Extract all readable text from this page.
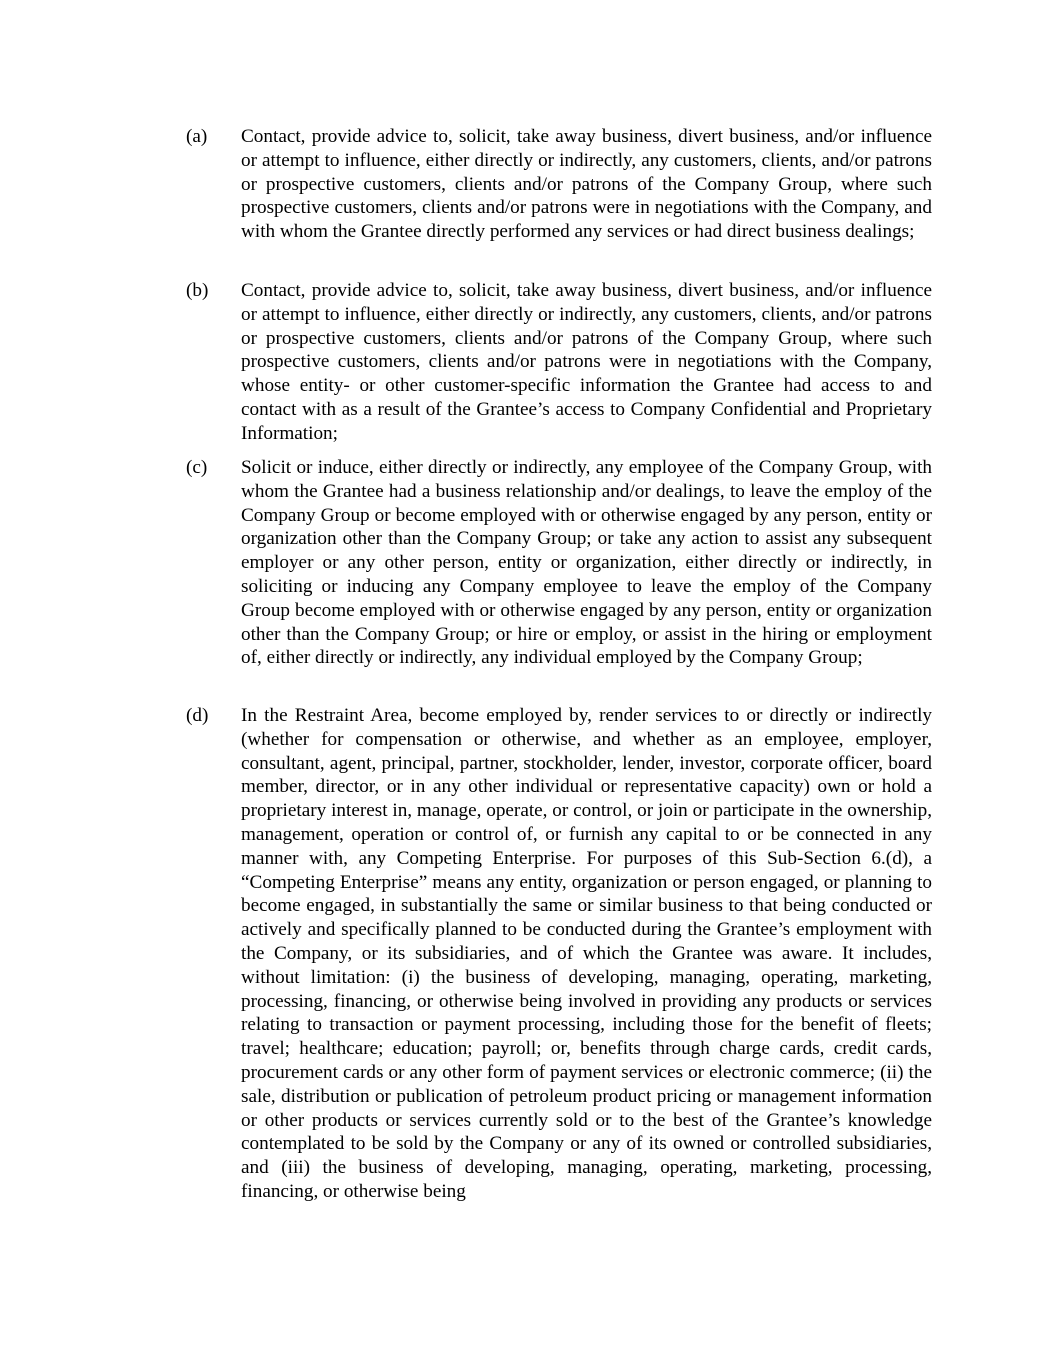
(a)	Contact, provide advice to, solicit, take away business, divert business, and/or influence or attempt to influence, either directly or indirectly, any customers, clients, and/or patrons or prospective customers, clients and/or patrons of the Company Group, where such prospective customers, clients and/or patrons were in negotiations with the Company, and with whom the Grantee directly performed any services or had direct business dealings;
(b)	Contact, provide advice to, solicit, take away business, divert business, and/or influence or attempt to influence, either directly or indirectly, any customers, clients, and/or patrons or prospective customers, clients and/or patrons of the Company Group, where such prospective customers, clients and/or patrons were in negotiations with the Company, whose entity- or other customer-specific information the Grantee had access to and contact with as a result of the Grantee’s access to Company Confidential and Proprietary Information;
(c)	Solicit or induce, either directly or indirectly, any employee of the Company Group, with whom the Grantee had a business relationship and/or dealings, to leave the employ of the Company Group or become employed with or otherwise engaged by any person, entity or organization other than the Company Group; or take any action to assist any subsequent employer or any other person, entity or organization, either directly or indirectly, in soliciting or inducing any Company employee to leave the employ of the Company Group become employed with or otherwise engaged by any person, entity or organization other than the Company Group; or hire or employ, or assist in the hiring or employment of, either directly or indirectly, any individual employed by the Company Group;
(d)	In the Restraint Area, become employed by, render services to or directly or indirectly (whether for compensation or otherwise, and whether as an employee, employer, consultant, agent, principal, partner, stockholder, lender, investor, corporate officer, board member, director, or in any other individual or representative capacity) own or hold a proprietary interest in, manage, operate, or control, or join or participate in the ownership, management, operation or control of, or furnish any capital to or be connected in any manner with, any Competing Enterprise. For purposes of this Sub-Section 6.(d), a “Competing Enterprise” means any entity, organization or person engaged, or planning to become engaged, in substantially the same or similar business to that being conducted or actively and specifically planned to be conducted during the Grantee’s employment with the Company, or its subsidiaries, and of which the Grantee was aware. It includes, without limitation: (i) the business of developing, managing, operating, marketing, processing, financing, or otherwise being involved in providing any products or services relating to transaction or payment processing, including those for the benefit of fleets; travel; healthcare; education; payroll; or, benefits through charge cards, credit cards, procurement cards or any other form of payment services or electronic commerce; (ii) the sale, distribution or publication of petroleum product pricing or management information or other products or services currently sold or to the best of the Grantee’s knowledge contemplated to be sold by the Company or any of its owned or controlled subsidiaries, and (iii) the business of developing, managing, operating, marketing, processing, financing, or otherwise being
